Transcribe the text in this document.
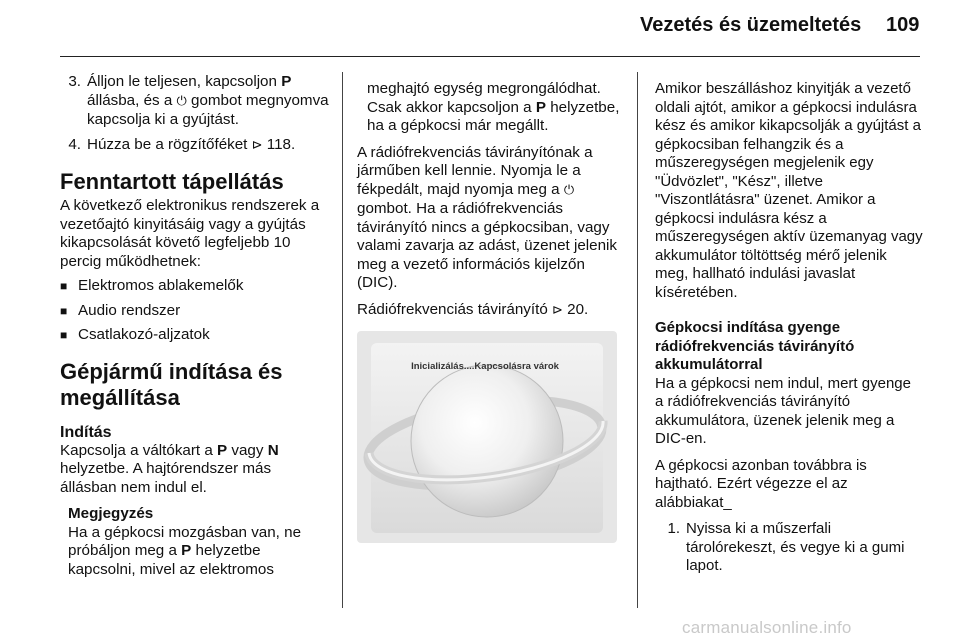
Vezetés és üzemeltetés 109
3. Álljon le teljesen, kapcsoljon P állásba, és a ⏻ gombot megnyomva kapcsolja ki a gyújtást.
4. Húzza be a rögzítőféket ⊳ 118.
Fenntartott tápellátás

A következő elektronikus rendszerek a vezetőajtó kinyitásáig vagy a gyújtás kikapcsolását követő legfeljebb 10 percig működhetnek:

■ Elektromos ablakemelők
■ Audio rendszer
■ Csatlakozó-aljzatok
Gépjármű indítása és megállítása
Indítás

Kapcsolja a váltókart a P vagy N helyzetbe. A hajtórendszer más állásban nem indul el.

Megjegyzés

Ha a gépkocsi mozgásban van, ne próbáljon meg a P helyzetbe kapcsolni, mivel az elektromos

meghajtó egység megrongálódhat. Csak akkor kapcsoljon a P helyzetbe, ha a gépkocsi már megállt.

A rádiófrekvenciás távirányítónak a járműben kell lennie. Nyomja le a fékpedált, majd nyomja meg a ⏻ gombot. Ha a rádiófrekvenciás távirányító nincs a gépkocsiban, vagy valami zavarja az adást, üzenet jelenik meg a vezető információs kijelzőn (DIC).

Rádiófrekvenciás távirányító ⊳ 20.

Inicializálás....Kapcsolásra várok

Amikor beszálláshoz kinyitják a vezető oldali ajtót, amikor a gépkocsi indulásra kész és amikor kikapcsolják a gyújtást a gépkocsiban felhangzik és a műszeregységen megjelenik egy "Üdvözlet", "Kész", illetve "Viszontlátásra" üzenet. Amikor a gépkocsi indulásra kész a műszeregységen aktív üzemanyag vagy akkumulátor töltöttség mérő jelenik meg, hallható indulási javaslat kíséretében.

Gépkocsi indítása gyenge rádiófrekvenciás távirányító akkumulátorral

Ha a gépkocsi nem indul, mert gyenge a rádiófrekvenciás távirányító akkumulátora, üzenek jelenik meg a DIC-en.

A gépkocsi azonban továbbra is hajtható. Ezért végezze el az alábbiakat_

1. Nyissa ki a műszerfali tárolórekeszt, és vegye ki a gumi lapot.
carmanualsonline.info
